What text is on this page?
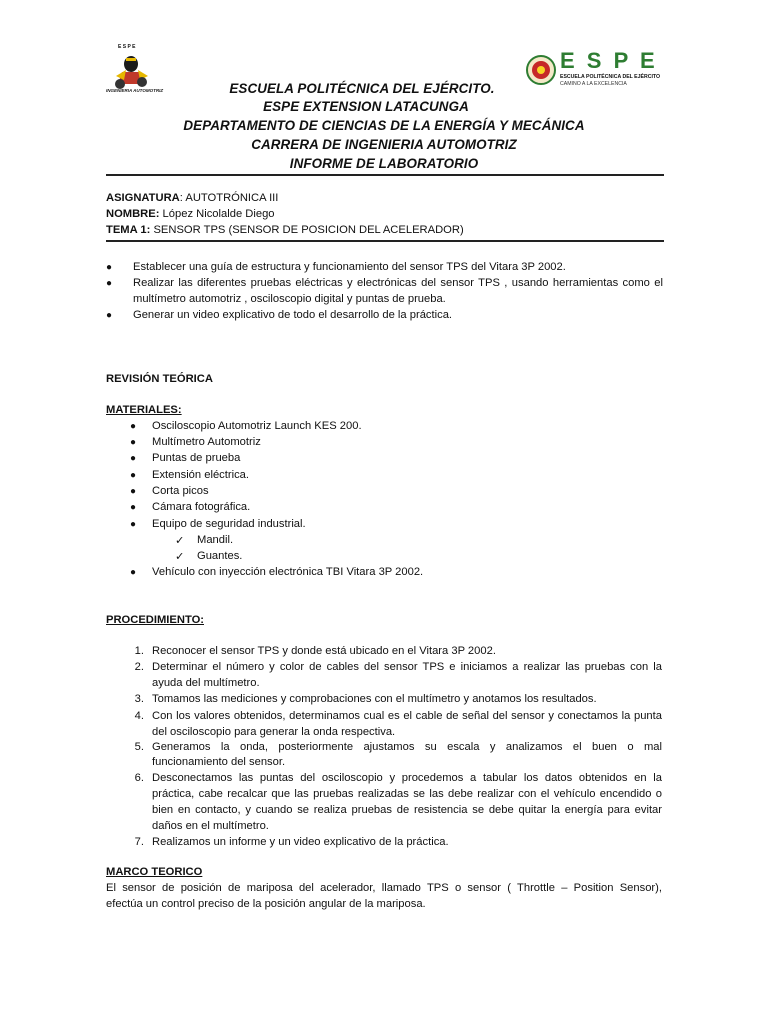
E S P E
INGENIERIA AUTOMOTRIZ
E S P E
ESCUELA POLITÉCNICA DEL EJÉRCITO
CAMINO A LA EXCELENCIA
ESCUELA POLITÉCNICA DEL EJÉRCITO.
ESPE EXTENSION LATACUNGA
DEPARTAMENTO DE CIENCIAS DE LA ENERGÍA Y MECÁNICA
CARRERA DE INGENIERIA AUTOMOTRIZ
INFORME DE LABORATORIO
ASIGNATURA: AUTOTRÓNICA III
NOMBRE: López Nicolalde Diego
TEMA 1: SENSOR TPS (SENSOR DE POSICION DEL ACELERADOR)
● Establecer una guía de estructura y funcionamiento del sensor TPS del Vitara 3P 2002.
● Realizar las diferentes pruebas eléctricas y electrónicas del sensor TPS , usando herramientas como el
multímetro automotriz , osciloscopio digital y puntas de prueba.
● Generar un video explicativo de todo el desarrollo de la práctica.
REVISIÓN TEÓRICA
MATERIALES:
● Osciloscopio Automotriz Launch KES 200.
● Multímetro Automotriz
● Puntas de prueba
● Extensión eléctrica.
● Corta picos
● Cámara fotográfica.
● Equipo de seguridad industrial.
✓ Mandil.
✓ Guantes.
● Vehículo con inyección electrónica TBI Vitara 3P 2002.
PROCEDIMIENTO:
1. Reconocer el sensor TPS y donde está ubicado en el Vitara 3P 2002.
2. Determinar el número y color de cables del sensor TPS e iniciamos a realizar las pruebas con la
ayuda del multímetro.
3. Tomamos las mediciones y comprobaciones con el multímetro y anotamos los resultados.
4. Con los valores obtenidos, determinamos cual es el cable de señal del sensor y conectamos la punta
del osciloscopio para generar la onda respectiva.
5. Generamos la onda, posteriormente ajustamos su escala y analizamos el buen o mal
funcionamiento del sensor.
6. Desconectamos las puntas del osciloscopio y procedemos a tabular los datos obtenidos en la
práctica, cabe recalcar que las pruebas realizadas se las debe realizar con el vehículo encendido o
bien en contacto, y cuando se realiza pruebas de resistencia se debe quitar la energía para evitar
daños en el multímetro.
7. Realizamos un informe y un video explicativo de la práctica.
MARCO TEORICO
El sensor de posición de mariposa del acelerador, llamado TPS o sensor ( Throttle – Position Sensor),
efectúa un control preciso de la posición angular de la mariposa.
